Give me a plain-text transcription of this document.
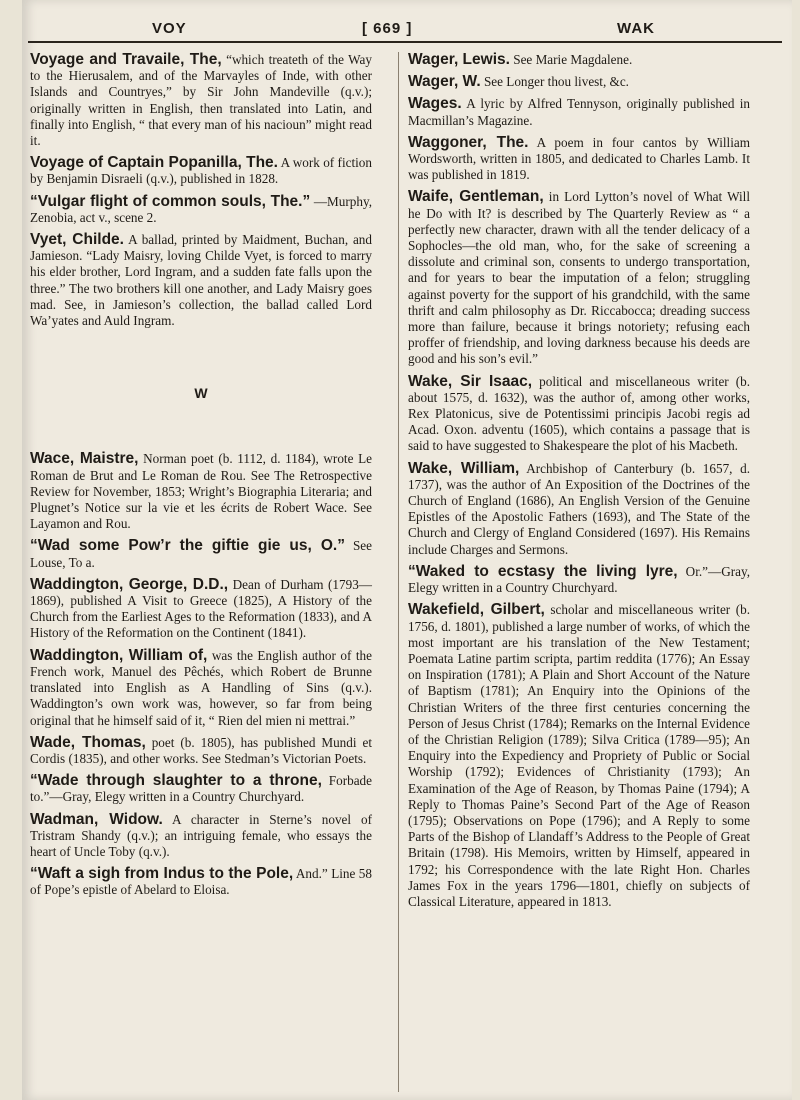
VOY	[ 669 ]	WAK

Voyage and Travaile, The, “which treateth of the Way to the Hierusalem, and of the Marvayles of Inde, with other Islands and Countryes,” by Sir John Mandeville (q.v.); originally written in English, then translated into Latin, and finally into English, “ that every man of his nacioun” might read it.

Voyage of Captain Popanilla, The. A work of fiction by Benjamin Disraeli (q.v.), published in 1828.

“Vulgar flight of common souls, The.” —Murphy, Zenobia, act v., scene 2.

Vyet, Childe. A ballad, printed by Maidment, Buchan, and Jamieson. “Lady Maisry, loving Childe Vyet, is forced to marry his elder brother, Lord Ingram, and a sudden fate falls upon the three.” The two brothers kill one another, and Lady Maisry goes mad. See, in Jamieson’s collection, the ballad called Lord Wa’yates and Auld Ingram.

W

Wace, Maistre, Norman poet (b. 1112, d. 1184), wrote Le Roman de Brut and Le Roman de Rou. See The Retrospective Review for November, 1853; Wright’s Biographia Literaria; and Plugnet’s Notice sur la vie et les écrits de Robert Wace. See Layamon and Rou.

“Wad some Pow’r the giftie gie us, O.” See Louse, To a.

Waddington, George, D.D., Dean of Durham (1793—1869), published A Visit to Greece (1825), A History of the Church from the Earliest Ages to the Reformation (1833), and A History of the Reformation on the Continent (1841).

Waddington, William of, was the English author of the French work, Manuel des Pêchés, which Robert de Brunne translated into English as A Handling of Sins (q.v.). Waddington’s own work was, however, so far from being original that he himself said of it, “ Rien del mien ni mettrai.”

Wade, Thomas, poet (b. 1805), has published Mundi et Cordis (1835), and other works. See Stedman’s Victorian Poets.

“Wade through slaughter to a throne, Forbade to.”—Gray, Elegy written in a Country Churchyard.

Wadman, Widow. A character in Sterne’s novel of Tristram Shandy (q.v.); an intriguing female, who essays the heart of Uncle Toby (q.v.).

“Waft a sigh from Indus to the Pole, And.” Line 58 of Pope’s epistle of Abelard to Eloisa.

Wager, Lewis. See Marie Magdalene.

Wager, W. See Longer thou livest, &c.

Wages. A lyric by Alfred Tennyson, originally published in Macmillan’s Magazine.

Waggoner, The. A poem in four cantos by William Wordsworth, written in 1805, and dedicated to Charles Lamb. It was published in 1819.

Waife, Gentleman, in Lord Lytton’s novel of What Will he Do with It? is described by The Quarterly Review as “ a perfectly new character, drawn with all the tender delicacy of a Sophocles—the old man, who, for the sake of screening a dissolute and criminal son, consents to undergo transportation, and for years to bear the imputation of a felon; struggling against poverty for the support of his grandchild, with the same thrift and calm philosophy as Dr. Riccabocca; dreading success more than failure, because it brings notoriety; refusing each proffer of friendship, and loving darkness because his deeds are good and his son’s evil.”

Wake, Sir Isaac, political and miscellaneous writer (b. about 1575, d. 1632), was the author of, among other works, Rex Platonicus, sive de Potentissimi principis Jacobi regis ad Acad. Oxon. adventu (1605), which contains a passage that is said to have suggested to Shakespeare the plot of his Macbeth.

Wake, William, Archbishop of Canterbury (b. 1657, d. 1737), was the author of An Exposition of the Doctrines of the Church of England (1686), An English Version of the Genuine Epistles of the Apostolic Fathers (1693), and The State of the Church and Clergy of England Considered (1697). His Remains include Charges and Sermons.

“Waked to ecstasy the living lyre, Or.”—Gray, Elegy written in a Country Churchyard.

Wakefield, Gilbert, scholar and miscellaneous writer (b. 1756, d. 1801), published a large number of works, of which the most important are his translation of the New Testament; Poemata Latine partim scripta, partim reddita (1776); An Essay on Inspiration (1781); A Plain and Short Account of the Nature of Baptism (1781); An Enquiry into the Opinions of the Christian Writers of the three first centuries concerning the Person of Jesus Christ (1784); Remarks on the Internal Evidence of the Christian Religion (1789); Silva Critica (1789—95); An Enquiry into the Expediency and Propriety of Public or Social Worship (1792); Evidences of Christianity (1793); An Examination of the Age of Reason, by Thomas Paine (1794); A Reply to Thomas Paine’s Second Part of the Age of Reason (1795); Observations on Pope (1796); and A Reply to some Parts of the Bishop of Llandaff’s Address to the People of Great Britain (1798). His Memoirs, written by Himself, appeared in 1792; his Correspondence with the late Right Hon. Charles James Fox in the years 1796—1801, chiefly on subjects of Classical Literature, appeared in 1813.
